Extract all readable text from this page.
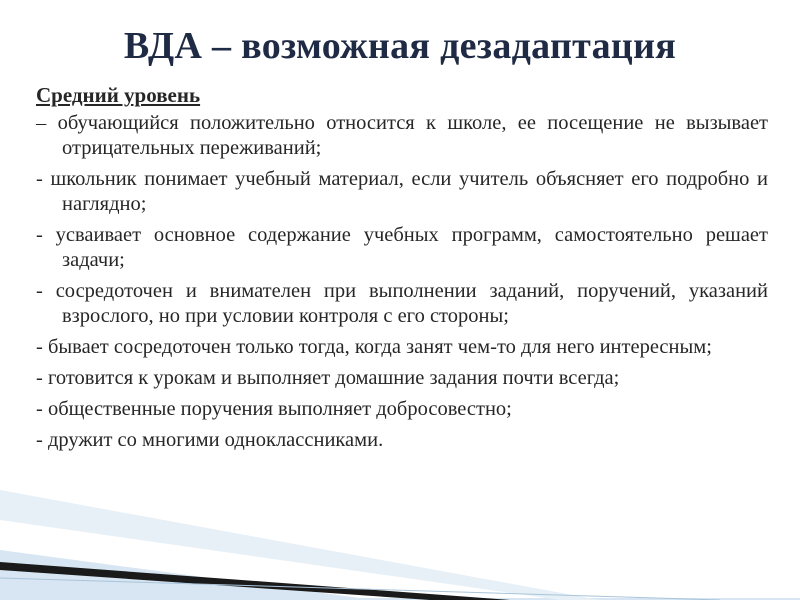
ВДА – возможная дезадаптация

Средний уровень

– обучающийся положительно относится к школе, ее посещение не вызывает отрицательных переживаний;

- школьник понимает учебный материал, если учитель объясняет его подробно и наглядно;

- усваивает основное содержание учебных программ, самостоятельно решает задачи;

- сосредоточен и внимателен при выполнении заданий, поручений, указаний взрослого, но при условии контроля с его стороны;

- бывает сосредоточен только тогда, когда занят чем-то для него интересным;

- готовится к урокам и выполняет домашние задания почти всегда;

- общественные поручения выполняет добросовестно;

- дружит со многими одноклассниками.
